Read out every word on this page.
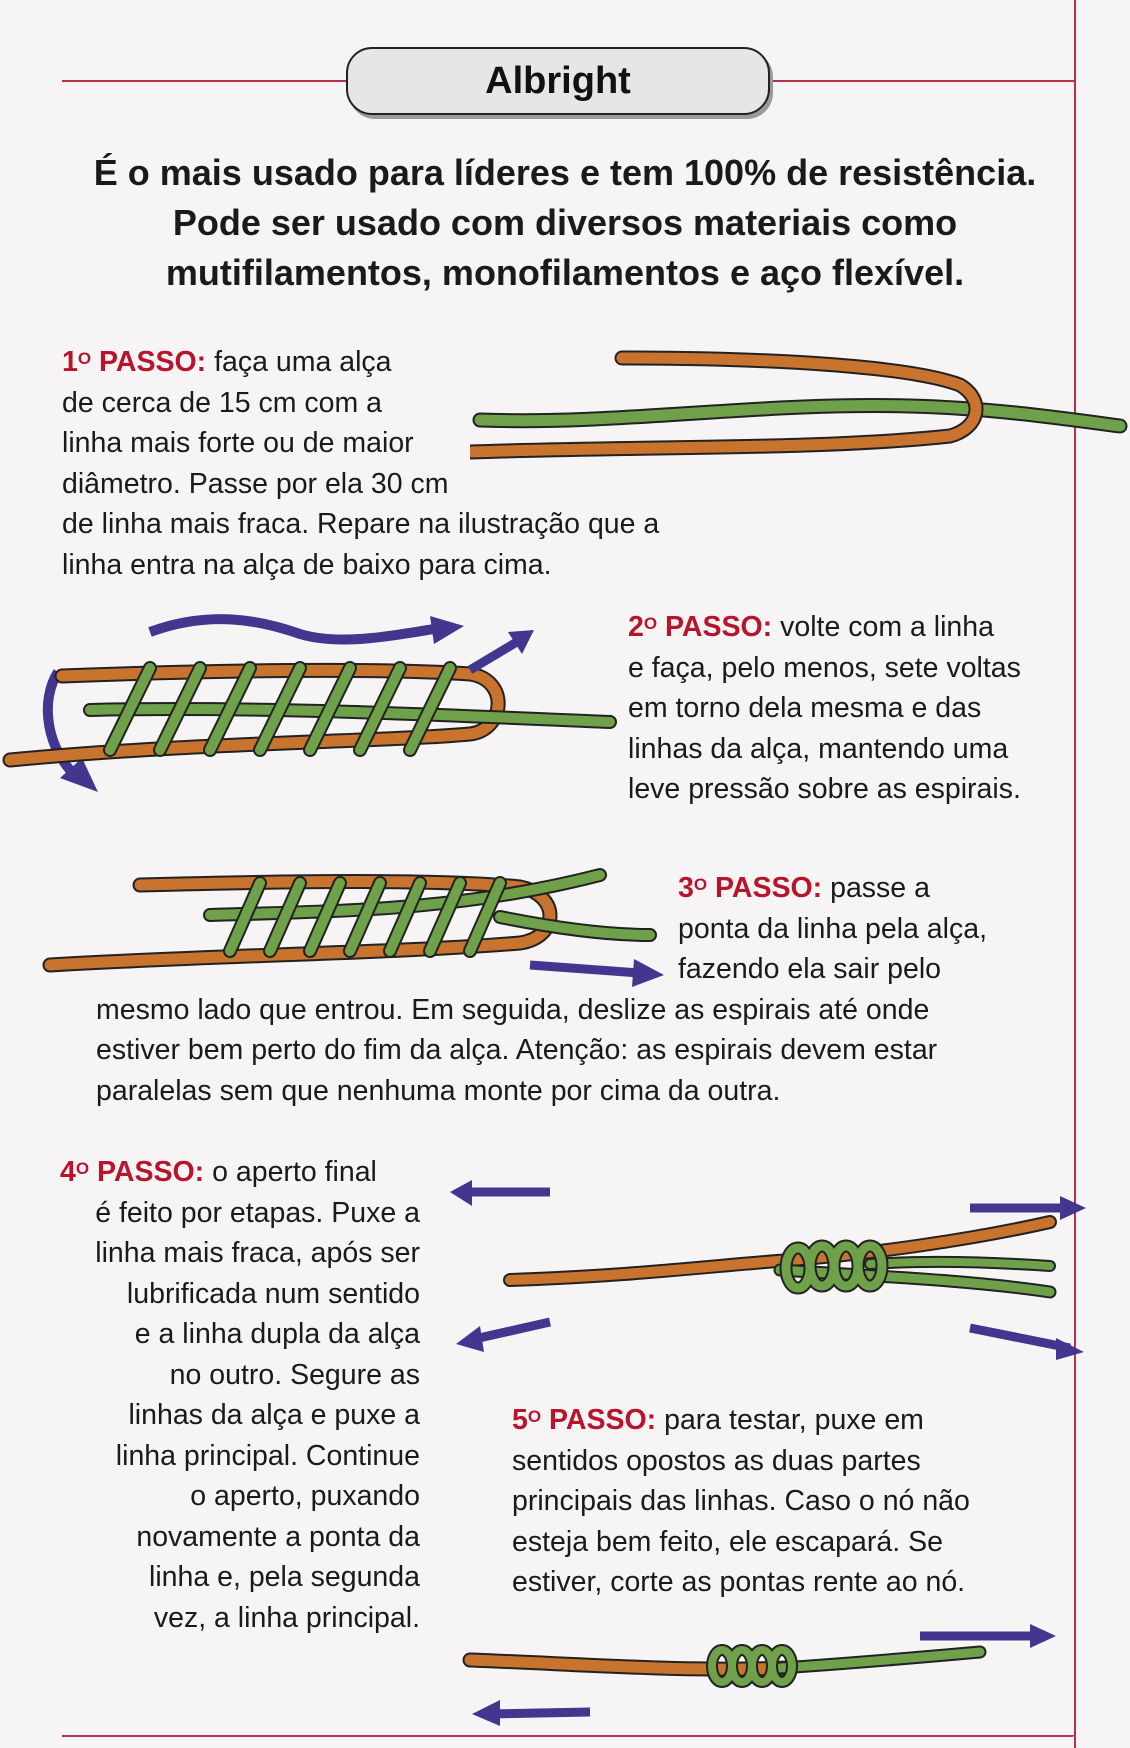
Albright
É o mais usado para líderes e tem 100% de resistência. Pode ser usado com diversos materiais como mutifilamentos, monofilamentos e aço flexível.
$1^O$ PASSO: faça uma alça
de cerca de 15 cm com a
linha mais forte ou de maior
diâmetro. Passe por ela 30 cm
de linha mais fraca. Repare na ilustração que a
linha entra na alça de baixo para cima.
$2^O$ PASSO: volte com a linha
e faça, pelo menos, sete voltas
em torno dela mesma e das
linhas da alça, mantendo uma
leve pressão sobre as espirais.
$3^O$ PASSO: passe a
ponta da linha pela alça,
fazendo ela sair pelo
mesmo lado que entrou. Em seguida, deslize as espirais até onde
estiver bem perto do fim da alça. Atenção: as espirais devem estar
paralelas sem que nenhuma monte por cima da outra.
$4^O$ PASSO: o aperto final
é feito por etapas. Puxe a
linha mais fraca, após ser
lubrificada num sentido
e a linha dupla da alça
no outro. Segure as
linhas da alça e puxe a
linha principal. Continue
o aperto, puxando
novamente a ponta da
linha e, pela segunda
vez, a linha principal.
$5^O$ PASSO: para testar, puxe em
sentidos opostos as duas partes
principais das linhas. Caso o nó não
esteja bem feito, ele escapará. Se
estiver, corte as pontas rente ao nó.
